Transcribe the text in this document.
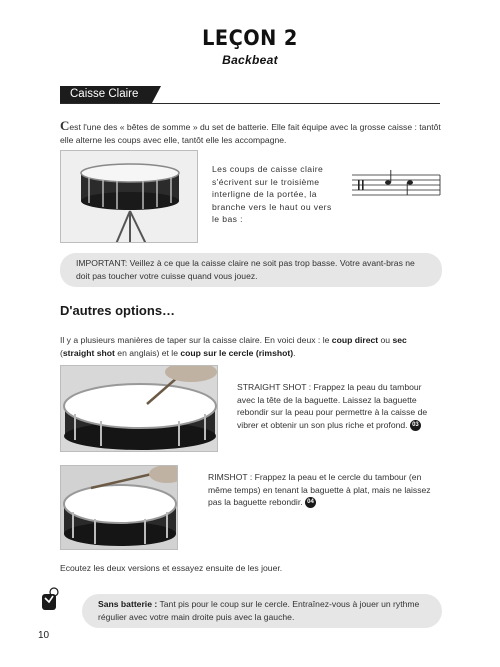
LEÇON 2
Backbeat
Caisse Claire
Cest l'une des « bêtes de somme » du set de batterie. Elle fait équipe avec la grosse caisse : tantôt elle alterne les coups avec elle, tantôt elle les accompagne.
Les coups de caisse claire s'écrivent sur le troisième interligne de la portée, la branche vers le haut ou vers le bas :
IMPORTANT: Veillez à ce que la caisse claire ne soit pas trop basse. Votre avant-bras ne doit pas toucher votre cuisse quand vous jouez.
D'autres options…
Il y a plusieurs manières de taper sur la caisse claire. En voici deux : le coup direct ou sec (straight shot en anglais) et le coup sur le cercle (rimshot).
STRAIGHT SHOT : Frappez la peau du tambour avec la tête de la baguette. Laissez la baguette rebondir sur la peau pour permettre à la caisse de vibrer et obtenir un son plus riche et profond. 03
RIMSHOT : Frappez la peau et le cercle du tambour (en même temps) en tenant la baguette à plat, mais ne laissez pas la baguette rebondir. 04
Ecoutez les deux versions et essayez ensuite de les jouer.
Sans batterie : Tant pis pour le coup sur le cercle. Entraînez-vous à jouer un rythme régulier avec votre main droite puis avec la gauche.
10
